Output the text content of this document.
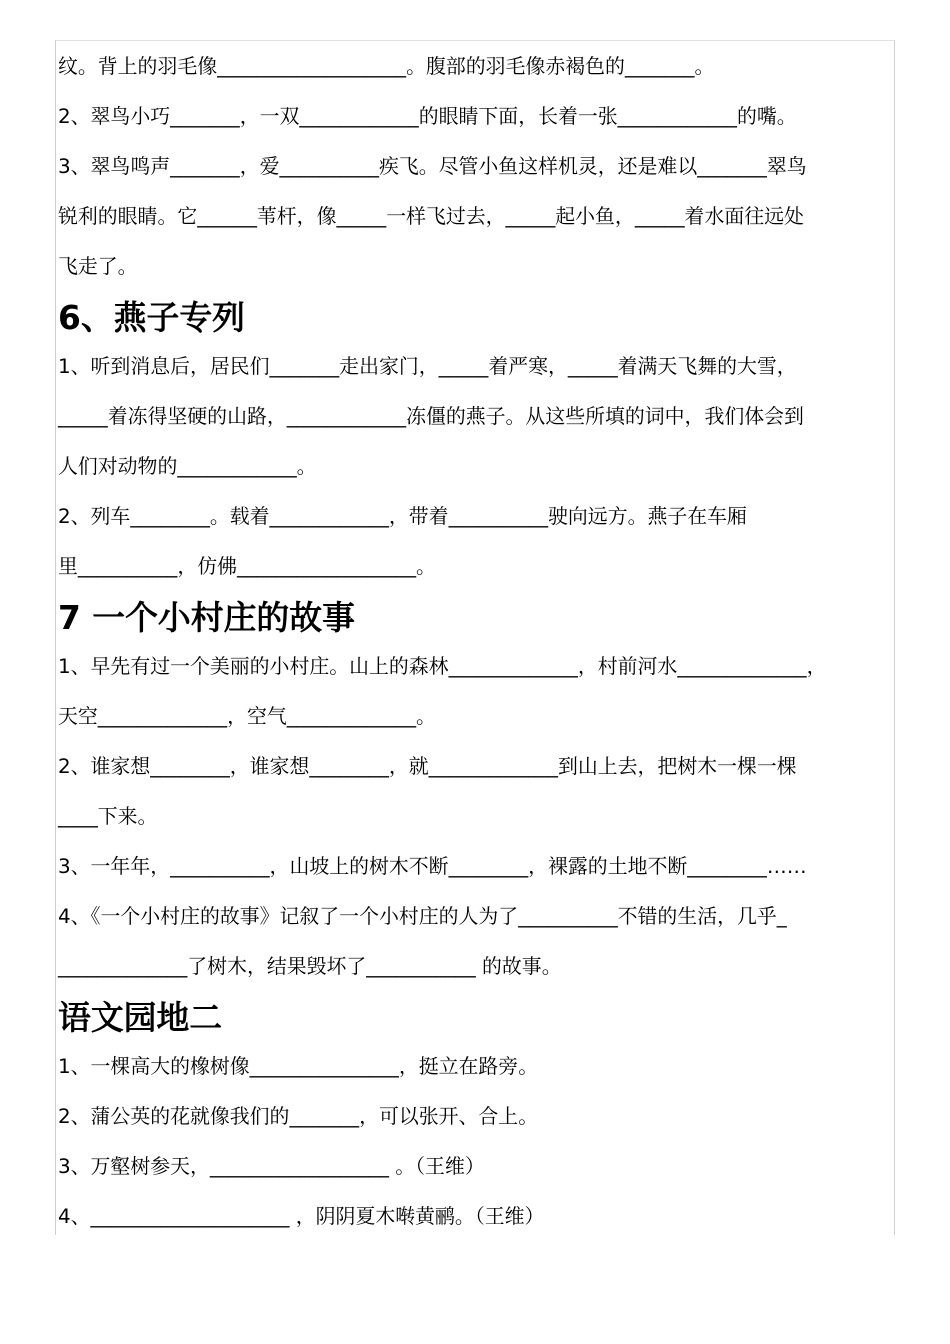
纹。背上的羽毛像___________________。腹部的羽毛像赤褐色的_______。
2、翠鸟小巧_______，一双____________的眼睛下面，长着一张____________的嘴。
3、翠鸟鸣声_______，爱__________疾飞。尽管小鱼这样机灵，还是难以_______翠鸟
锐利的眼睛。它______苇杆，像_____一样飞过去，_____起小鱼，_____着水面往远处
飞走了。
6、燕子专列
1、听到消息后，居民们_______走出家门，_____着严寒，_____着满天飞舞的大雪，
_____着冻得坚硬的山路，____________冻僵的燕子。从这些所填的词中，我们体会到
人们对动物的____________。
2、列车________。载着____________，带着__________驶向远方。燕子在车厢
里__________，仿佛__________________。
7 一个小村庄的故事
1、早先有过一个美丽的小村庄。山上的森林_____________，村前河水_____________，
天空_____________，空气_____________。
2、谁家想________，谁家想________，就_____________到山上去，把树木一棵一棵
____下来。
3、一年年，__________，山坡上的树木不断________，裸露的土地不断________……
4、《一个小村庄的故事》记叙了一个小村庄的人为了__________不错的生活，几乎_
_____________了树木，结果毁坏了___________ 的故事。
语文园地二
1、一棵高大的橡树像_______________，挺立在路旁。
2、蒲公英的花就像我们的_______，可以张开、合上。
3、万壑树参天，__________________ 。（王维）
4、____________________ ，阴阴夏木啭黄鹂。（王维）
